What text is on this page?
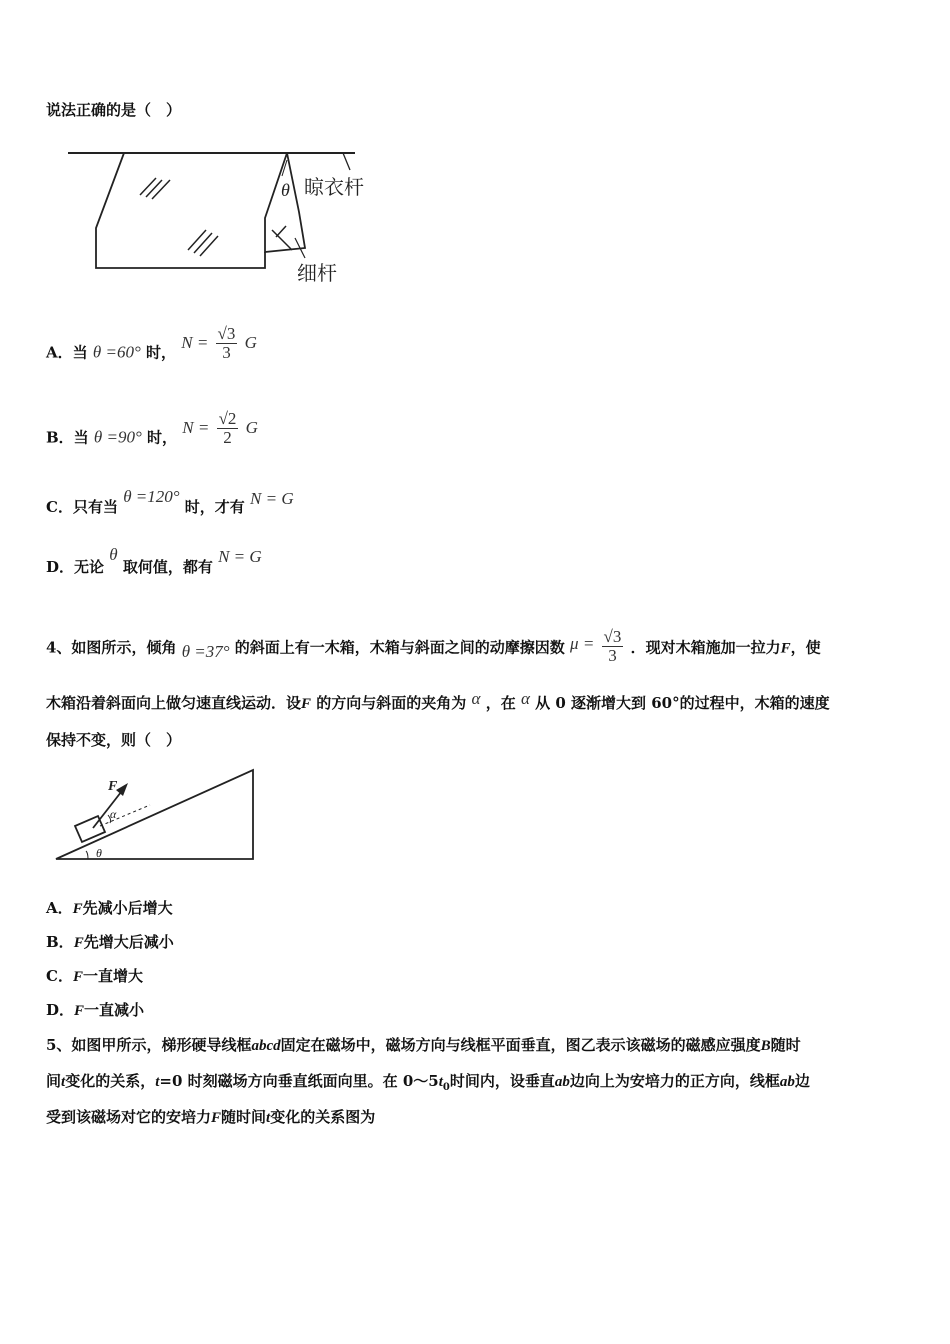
说法正确的是（　）
θ 晾衣杆
细杆
A．当 θ =60° 时， $N = \frac{√3}{3}$ G
B．当 θ =90° 时， $N = \frac{√2}{2}$ G
C．只有当 θ =120° 时，才有 N = G
D．无论 θ 取何值，都有 N = G
4、如图所示，倾角 θ =37° 的斜面上有一木箱，木箱与斜面之间的动摩擦因数 $\mu = \frac{√3}{3}$ ．现对木箱施加一拉力F，使
木箱沿着斜面向上做匀速直线运动．设F 的方向与斜面的夹角为 α ，在 α 从 0 逐渐增大到 60°的过程中，木箱的速度
保持不变，则（　）
F
α
θ
A．F先减小后增大
B．F先增大后减小
C．F一直增大
D．F一直减小
5、如图甲所示，梯形硬导线框abcd固定在磁场中，磁场方向与线框平面垂直，图乙表示该磁场的磁感应强度B随时
间t变化的关系，t=0 时刻磁场方向垂直纸面向里。在 $0\sim 5t_0$时间内，设垂直ab边向上为安培力的正方向，线框ab边
受到该磁场对它的安培力F随时间t变化的关系图为
